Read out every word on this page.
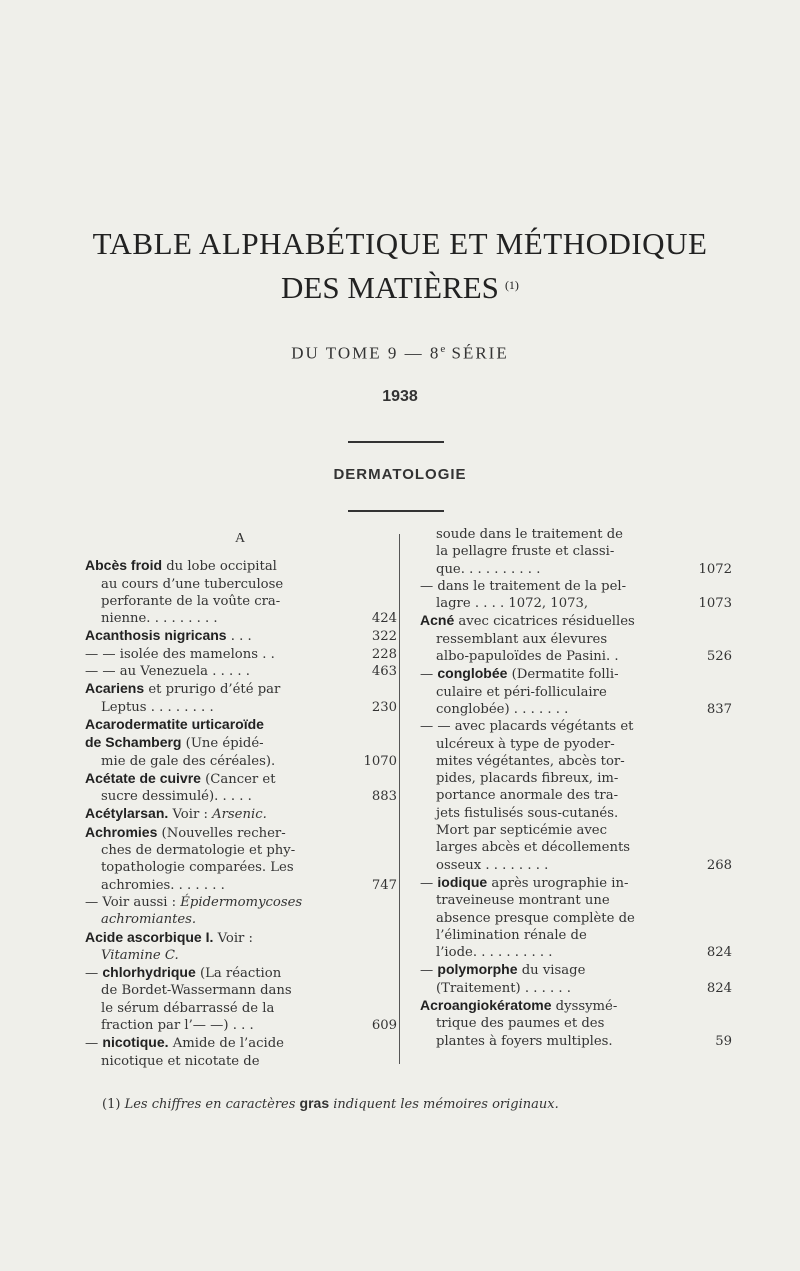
TABLE ALPHABÉTIQUE ET MÉTHODIQUE
DES MATIÈRES $^{(1)}$
DU TOME 9 — 8e SÉRIE
1938
DERMATOLOGIE
A
Abcès froid du lobe occipital
au cours d’une tuberculose
perforante de la voûte cra-
nienne. . . . . . . . .	424
Acanthosis nigricans . . .	322
— — isolée des mamelons . .	228
— — au Venezuela . . . . .	463
Acariens et prurigo d’été par
Leptus . . . . . . . .	230
Acarodermatite urticaroïde
de Schamberg (Une épidé-
mie de gale des céréales).	1070
Acétate de cuivre (Cancer et
sucre dessimulé). . . . .	883
Acétylarsan. Voir : Arsenic.
Achromies (Nouvelles recher-
ches de dermatologie et phy-
topathologie comparées. Les
achromies. . . . . . .	747
— Voir aussi : Épidermomycoses
achromiantes.
Acide ascorbique I. Voir :
Vitamine C.
— chlorhydrique (La réaction
de Bordet-Wassermann dans
le sérum débarrassé de la
fraction par l’— —) . . .	609
— nicotique. Amide de l’acide
nicotique et nicotate de
soude dans le traitement de
la pellagre fruste et classi-
que. . . . . . . . . .	1072
— dans le traitement de la pel-
lagre . . . . 1072, 1073,	1073
Acné avec cicatrices résiduelles
ressemblant aux élevures
albo-papuloïdes de Pasini. .	526
— conglobée (Dermatite folli-
culaire et péri-folliculaire
conglobée) . . . . . . .	837
— — avec placards végétants et
ulcéreux à type de pyoder-
mites végétantes, abcès tor-
pides, placards fibreux, im-
portance anormale des tra-
jets fistulisés sous-cutanés.
Mort par septicémie avec
larges abcès et décollements
osseux . . . . . . . .	268
— iodique après urographie in-
traveineuse montrant une
absence presque complète de
l’élimination rénale de
l’iode. . . . . . . . . .	824
— polymorphe du visage
(Traitement) . . . . . .	824
Acroangiokératome dyssymé-
trique des paumes et des
plantes à foyers multiples.	59
(1) Les chiffres en caractères gras indiquent les mémoires originaux.
